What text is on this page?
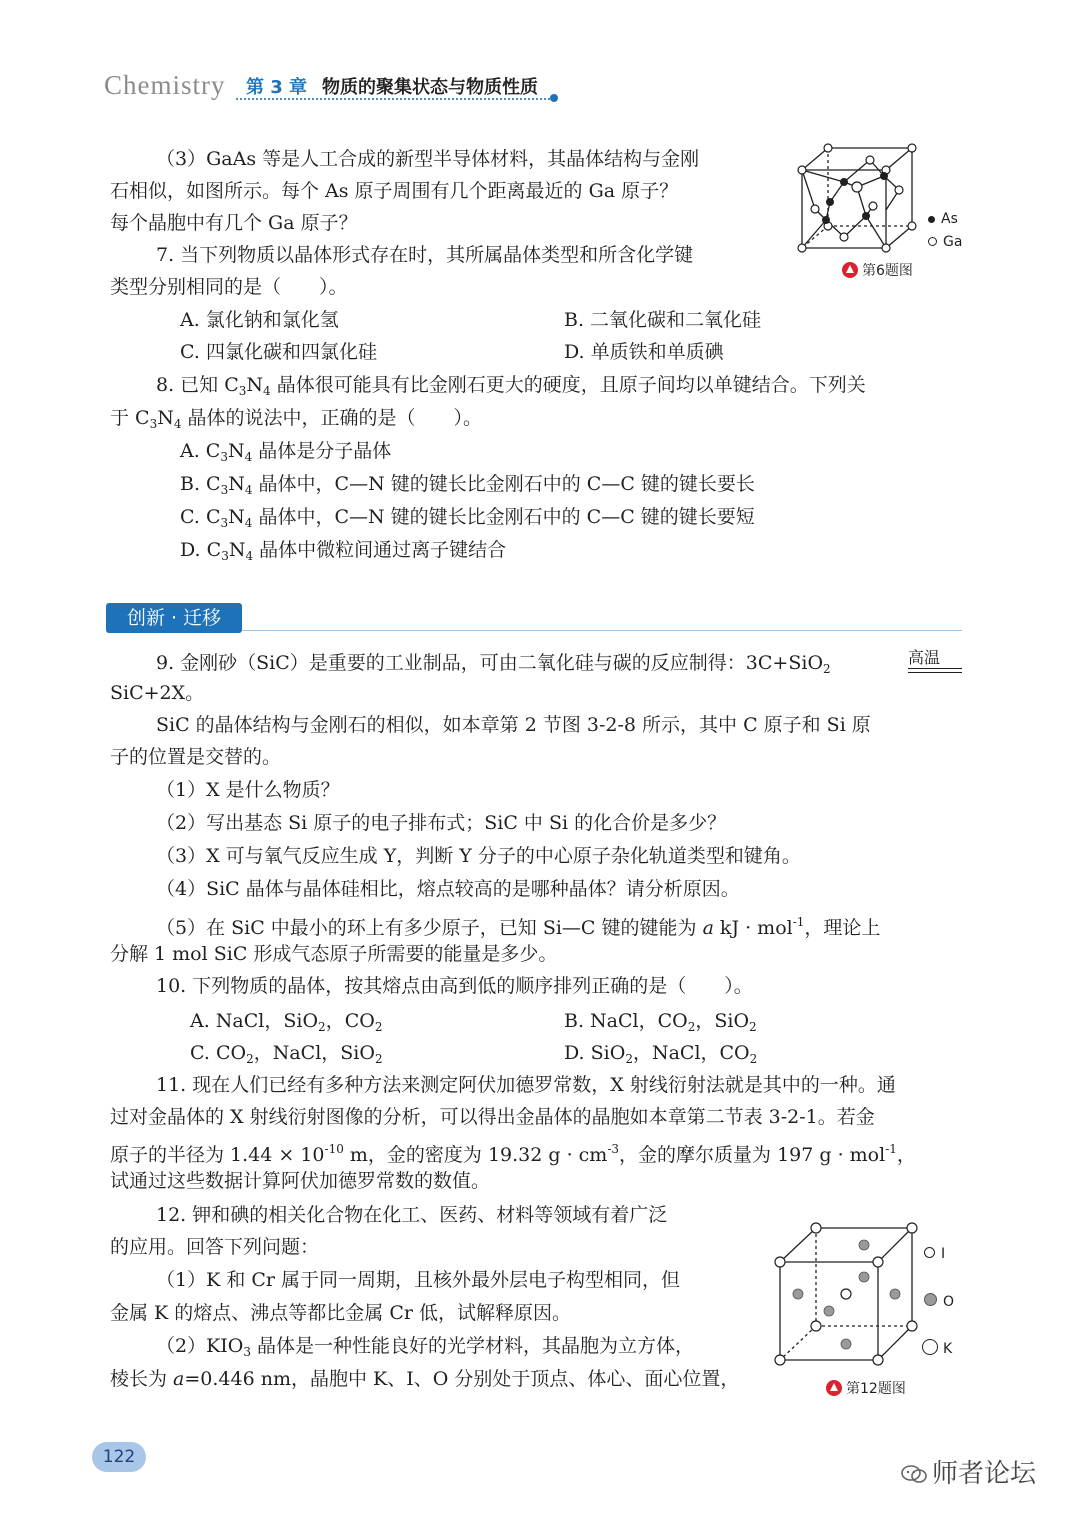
Chemistry 第 3 章 物质的聚集状态与物质性质
（3）GaAs 等是人工合成的新型半导体材料，其晶体结构与金刚
石相似，如图所示。每个 As 原子周围有几个距离最近的 Ga 原子？
每个晶胞中有几个 Ga 原子？	As
Ga
第6题图
7. 当下列物质以晶体形式存在时，其所属晶体类型和所含化学键
类型分别相同的是（　　）。
A. 氯化钠和氯化氢	B. 二氧化碳和二氧化硅
C. 四氯化碳和四氯化硅	D. 单质铁和单质碘
8. 已知 $C_3N_4$ 晶体很可能具有比金刚石更大的硬度，且原子间均以单键结合。下列关
于 $C_3N_4$ 晶体的说法中，正确的是（　　）。
A. $C_3N_4$ 晶体是分子晶体
B. $C_3N_4$ 晶体中，C—N 键的键长比金刚石中的 C—C 键的键长要长
C. $C_3N_4$ 晶体中，C—N 键的键长比金刚石中的 C—C 键的键长要短
D. $C_3N_4$ 晶体中微粒间通过离子键结合
创新 · 迁移
9. 金刚砂（SiC）是重要的工业制品，可由二氧化硅与碳的反应制得：3C+SiO$_2$
高温
SiC+2X。
SiC 的晶体结构与金刚石的相似，如本章第 2 节图 3-2-8 所示，其中 C 原子和 Si 原
子的位置是交替的。
（1）X 是什么物质？
（2）写出基态 Si 原子的电子排布式；SiC 中 Si 的化合价是多少？
（3）X 可与氧气反应生成 Y，判断 Y 分子的中心原子杂化轨道类型和键角。
（4）SiC 晶体与晶体硅相比，熔点较高的是哪种晶体？请分析原因。
（5）在 SiC 中最小的环上有多少原子，已知 Si—C 键的键能为 a kJ · mol$^{-1}$，理论上
分解 1 mol SiC 形成气态原子所需要的能量是多少。
10. 下列物质的晶体，按其熔点由高到低的顺序排列正确的是（　　）。
A. NaCl，SiO$_2$，$CO_2$	B. NaCl，$CO_2$，SiO$_2$
C. $CO_2$，NaCl，SiO$_2$	D. SiO$_2$，NaCl，$CO_2$
11. 现在人们已经有多种方法来测定阿伏加德罗常数，X 射线衍射法就是其中的一种。通
过对金晶体的 X 射线衍射图像的分析，可以得出金晶体的晶胞如本章第二节表 3-2-1。若金
原子的半径为 $1.44 \times 10^{-10}$ m，金的密度为 19.32 $g \cdot cm^{-3}$，金的摩尔质量为 197 g · mol$^{-1}$，
试通过这些数据计算阿伏加德罗常数的数值。
12. 钾和碘的相关化合物在化工、医药、材料等领域有着广泛
的应用。回答下列问题：
（1）K 和 Cr 属于同一周期，且核外最外层电子构型相同，但
金属 K 的熔点、沸点等都比金属 Cr 低，试解释原因。
$(2)KIO_3$ 晶体是一种性能良好的光学材料，其晶胞为立方体，
棱长为 a=0.446 nm，晶胞中 K、I、O 分别处于顶点、体心、面心位置，
I
O
K
第12题图
122
师者论坛
